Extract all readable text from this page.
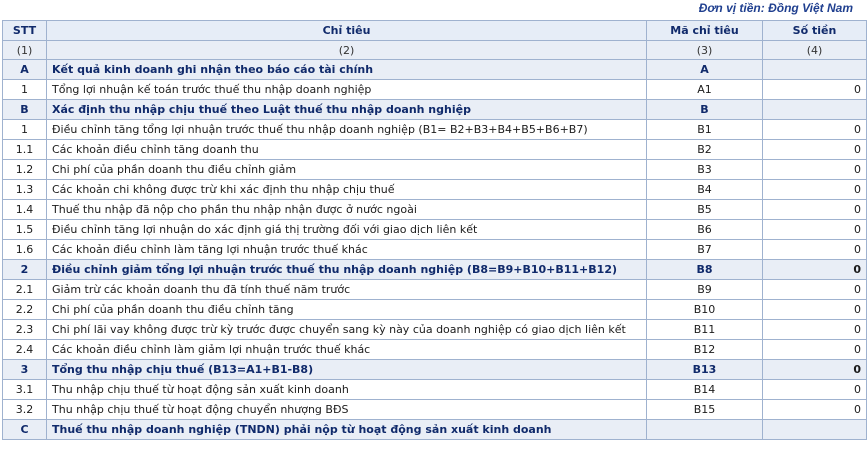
Đơn vị tiền: Đồng Việt Nam
STT	Chỉ tiêu	Mã chỉ tiêu	Số tiền
(1)	(2)	(3)	(4)
A	Kết quả kinh doanh ghi nhận theo báo cáo tài chính	A	
1	Tổng lợi nhuận kế toán trước thuế thu nhập doanh nghiệp	A1	0
B	Xác định thu nhập chịu thuế theo Luật thuế thu nhập doanh nghiệp	B	
1	Điều chỉnh tăng tổng lợi nhuận trước thuế thu nhập doanh nghiệp (B1= B2+B3+B4+B5+B6+B7)	B1	0
1.1	Các khoản điều chỉnh tăng doanh thu	B2	0
1.2	Chi phí của phần doanh thu điều chỉnh giảm	B3	0
1.3	Các khoản chi không được trừ khi xác định thu nhập chịu thuế	B4	0
1.4	Thuế thu nhập đã nộp cho phần thu nhập nhận được ở nước ngoài	B5	0
1.5	Điều chỉnh tăng lợi nhuận do xác định giá thị trường đối với giao dịch liên kết	B6	0
1.6	Các khoản điều chỉnh làm tăng lợi nhuận trước thuế khác	B7	0
2	Điều chỉnh giảm tổng lợi nhuận trước thuế thu nhập doanh nghiệp (B8=B9+B10+B11+B12)	B8	0
2.1	Giảm trừ các khoản doanh thu đã tính thuế năm trước	B9	0
2.2	Chi phí của phần doanh thu điều chỉnh tăng	B10	0
2.3	Chi phí lãi vay không được trừ kỳ trước được chuyển sang kỳ này của doanh nghiệp có giao dịch liên kết	B11	0
2.4	Các khoản điều chỉnh làm giảm lợi nhuận trước thuế khác	B12	0
3	Tổng thu nhập chịu thuế (B13=A1+B1-B8)	B13	0
3.1	Thu nhập chịu thuế từ hoạt động sản xuất kinh doanh	B14	0
3.2	Thu nhập chịu thuế từ hoạt động chuyển nhượng BĐS	B15	0
C	Thuế thu nhập doanh nghiệp (TNDN) phải nộp từ hoạt động sản xuất kinh doanh		
